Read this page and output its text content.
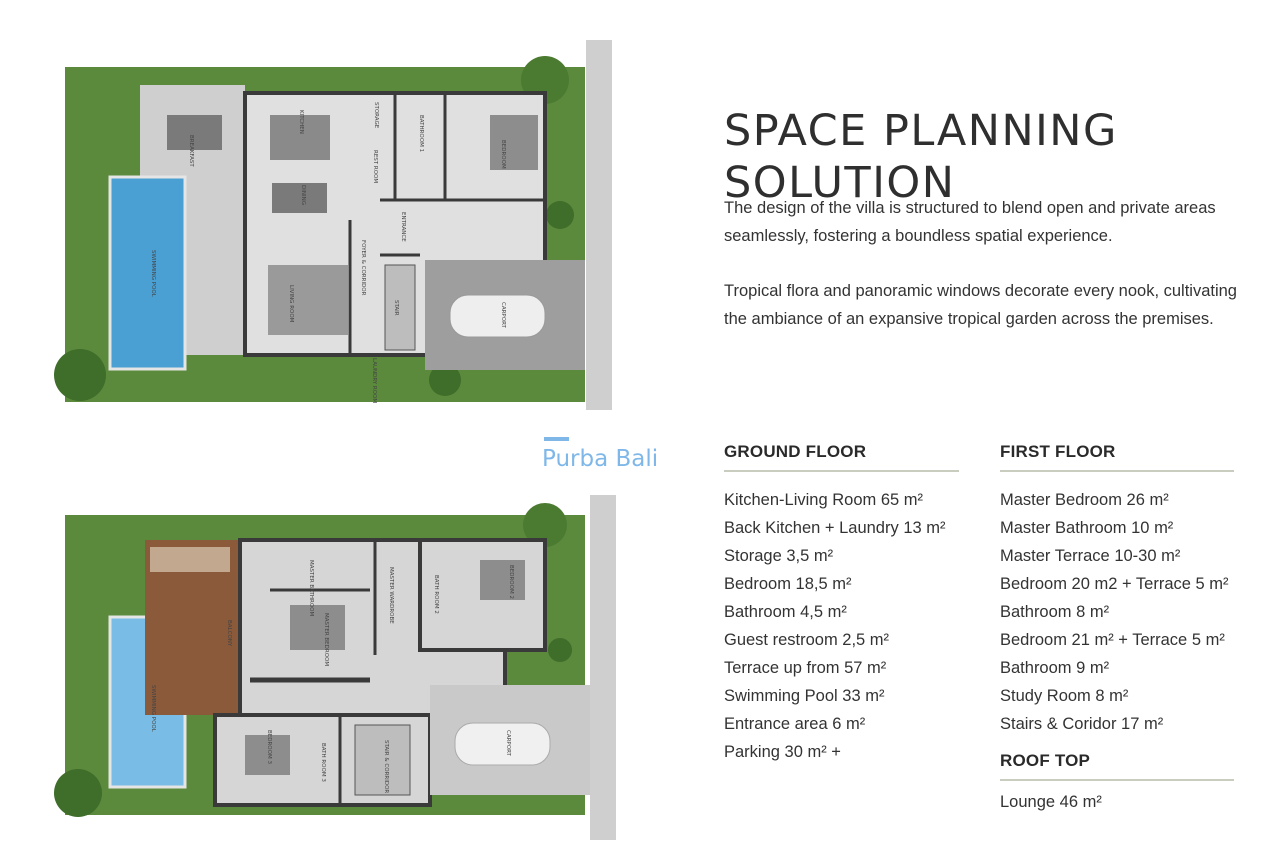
BREAKFAST
KITCHEN	STORAGE	BATHROOM 1
BEDROOM
REST ROOM
DINING
SWIMMING POOL
ENTRANCE
LIVING ROOM
FOYER & CORRIDOR
STAIR	CARPORT
LAUNDRY ROOM
MASTER BATHROOM	MASTER WARDROBE	BATH ROOM 2	BEDROOM 2
MASTER BEDROOM
BALCONY
SWIMMING POOL
BEDROOM 3	BATH ROOM 3	STAIR & CORRIDOR	CARPORT
Purba Bali
SPACE PLANNING
SOLUTION

The design of the villa is structured to blend open and private areas seamlessly, fostering a boundless spatial experience.

Tropical flora and panoramic windows decorate every nook, cultivating the ambiance of an expansive tropical garden across the premises.

GROUND FLOOR
Kitchen-Living Room 65 m²
Back Kitchen + Laundry 13 m²
Storage 3,5 m²
Bedroom 18,5 m²
Bathroom 4,5 m²
Guest restroom 2,5 m²
Terrace up from 57 m²
Swimming Pool 33 m²
Entrance area 6 m²
Parking 30 m² +
FIRST FLOOR
Master Bedroom 26 m²
Master Bathroom 10 m²
Master Terrace 10-30 m²
Bedroom 20 m2 + Terrace 5 m²
Bathroom 8 m²
Bedroom 21 m² + Terrace 5 m²
Bathroom 9 m²
Study Room 8 m²
Stairs & Coridor 17 m²
ROOF TOP
Lounge 46 m²
